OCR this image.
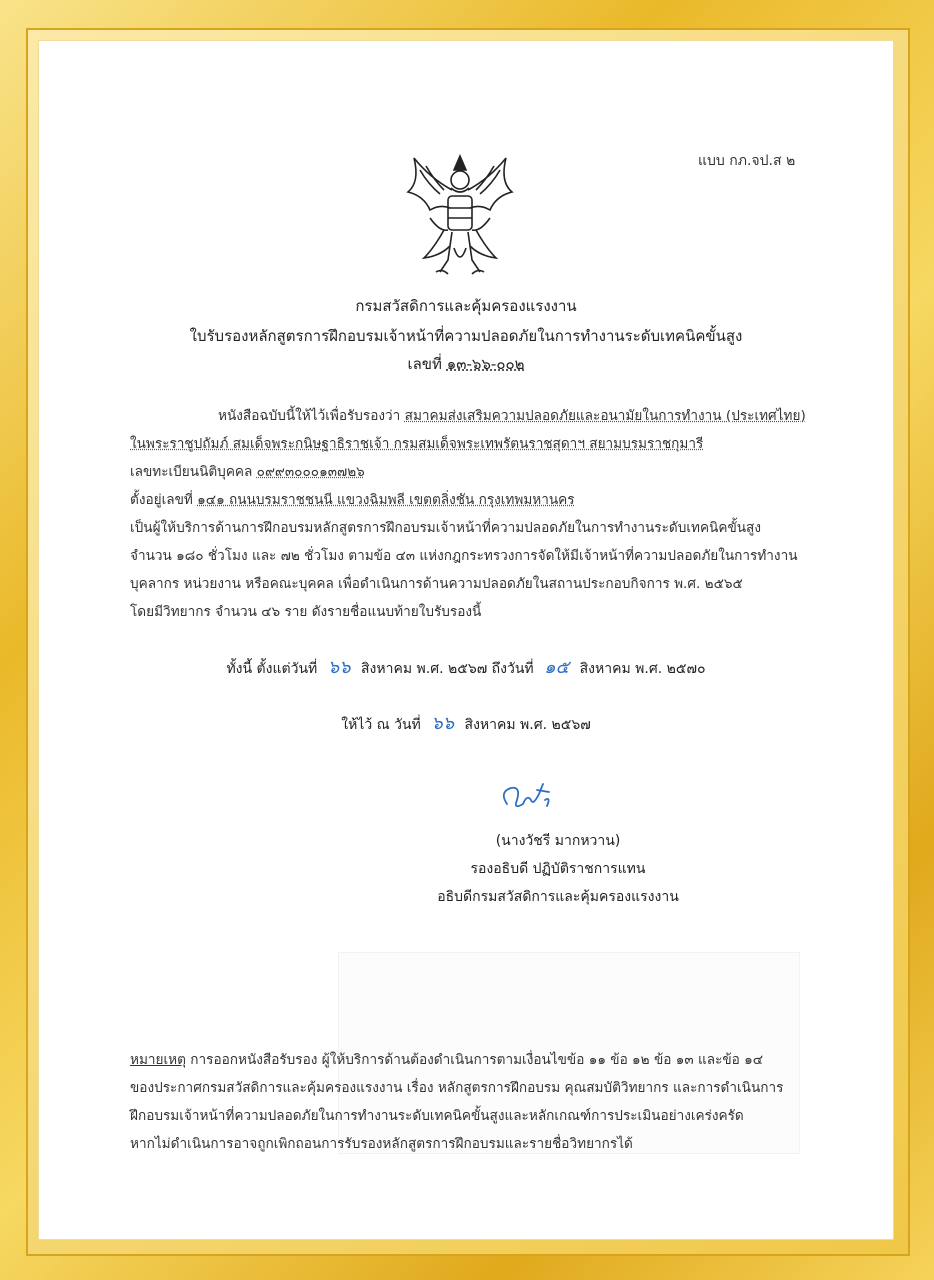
แบบ กภ.จป.ส ๒
กรมสวัสดิการและคุ้มครองแรงงาน
ใบรับรองหลักสูตรการฝึกอบรมเจ้าหน้าที่ความปลอดภัยในการทำงานระดับเทคนิคขั้นสูง
เลขที่ ๑๓-๖๖-๐๐๒
หนังสือฉบับนี้ให้ไว้เพื่อรับรองว่า สมาคมส่งเสริมความปลอดภัยและอนามัยในการทำงาน (ประเทศไทย)
ในพระราชูปถัมภ์ สมเด็จพระกนิษฐาธิราชเจ้า กรมสมเด็จพระเทพรัตนราชสุดาฯ สยามบรมราชกุมารี
เลขทะเบียนนิติบุคคล ๐๙๙๓๐๐๐๑๓๗๒๖
ตั้งอยู่เลขที่ ๑๔๑ ถนนบรมราชชนนี แขวงฉิมพลี เขตตลิ่งชัน กรุงเทพมหานคร
เป็นผู้ให้บริการด้านการฝึกอบรมหลักสูตรการฝึกอบรมเจ้าหน้าที่ความปลอดภัยในการทำงานระดับเทคนิคขั้นสูง
จำนวน ๑๘๐ ชั่วโมง และ ๗๒ ชั่วโมง ตามข้อ ๔๓ แห่งกฎกระทรวงการจัดให้มีเจ้าหน้าที่ความปลอดภัยในการทำงาน
บุคลากร หน่วยงาน หรือคณะบุคคล เพื่อดำเนินการด้านความปลอดภัยในสถานประกอบกิจการ พ.ศ. ๒๕๖๕
โดยมีวิทยากร จำนวน ๔๖ ราย ดังรายชื่อแนบท้ายใบรับรองนี้
ทั้งนี้ ตั้งแต่วันที่ ๖๖ สิงหาคม พ.ศ. ๒๕๖๗ ถึงวันที่ ๑๕ สิงหาคม พ.ศ. ๒๕๗๐
ให้ไว้ ณ วันที่ ๖๖ สิงหาคม พ.ศ. ๒๕๖๗
(นางวัชรี มากหวาน)
รองอธิบดี ปฏิบัติราชการแทน
อธิบดีกรมสวัสดิการและคุ้มครองแรงงาน
หมายเหตุ การออกหนังสือรับรอง ผู้ให้บริการด้านต้องดำเนินการตามเงื่อนไขข้อ ๑๑ ข้อ ๑๒ ข้อ ๑๓ และข้อ ๑๔
ของประกาศกรมสวัสดิการและคุ้มครองแรงงาน เรื่อง หลักสูตรการฝึกอบรม คุณสมบัติวิทยากร และการดำเนินการ
ฝึกอบรมเจ้าหน้าที่ความปลอดภัยในการทำงานระดับเทคนิคขั้นสูงและหลักเกณฑ์การประเมินอย่างเคร่งครัด
หากไม่ดำเนินการอาจถูกเพิกถอนการรับรองหลักสูตรการฝึกอบรมและรายชื่อวิทยากรได้
